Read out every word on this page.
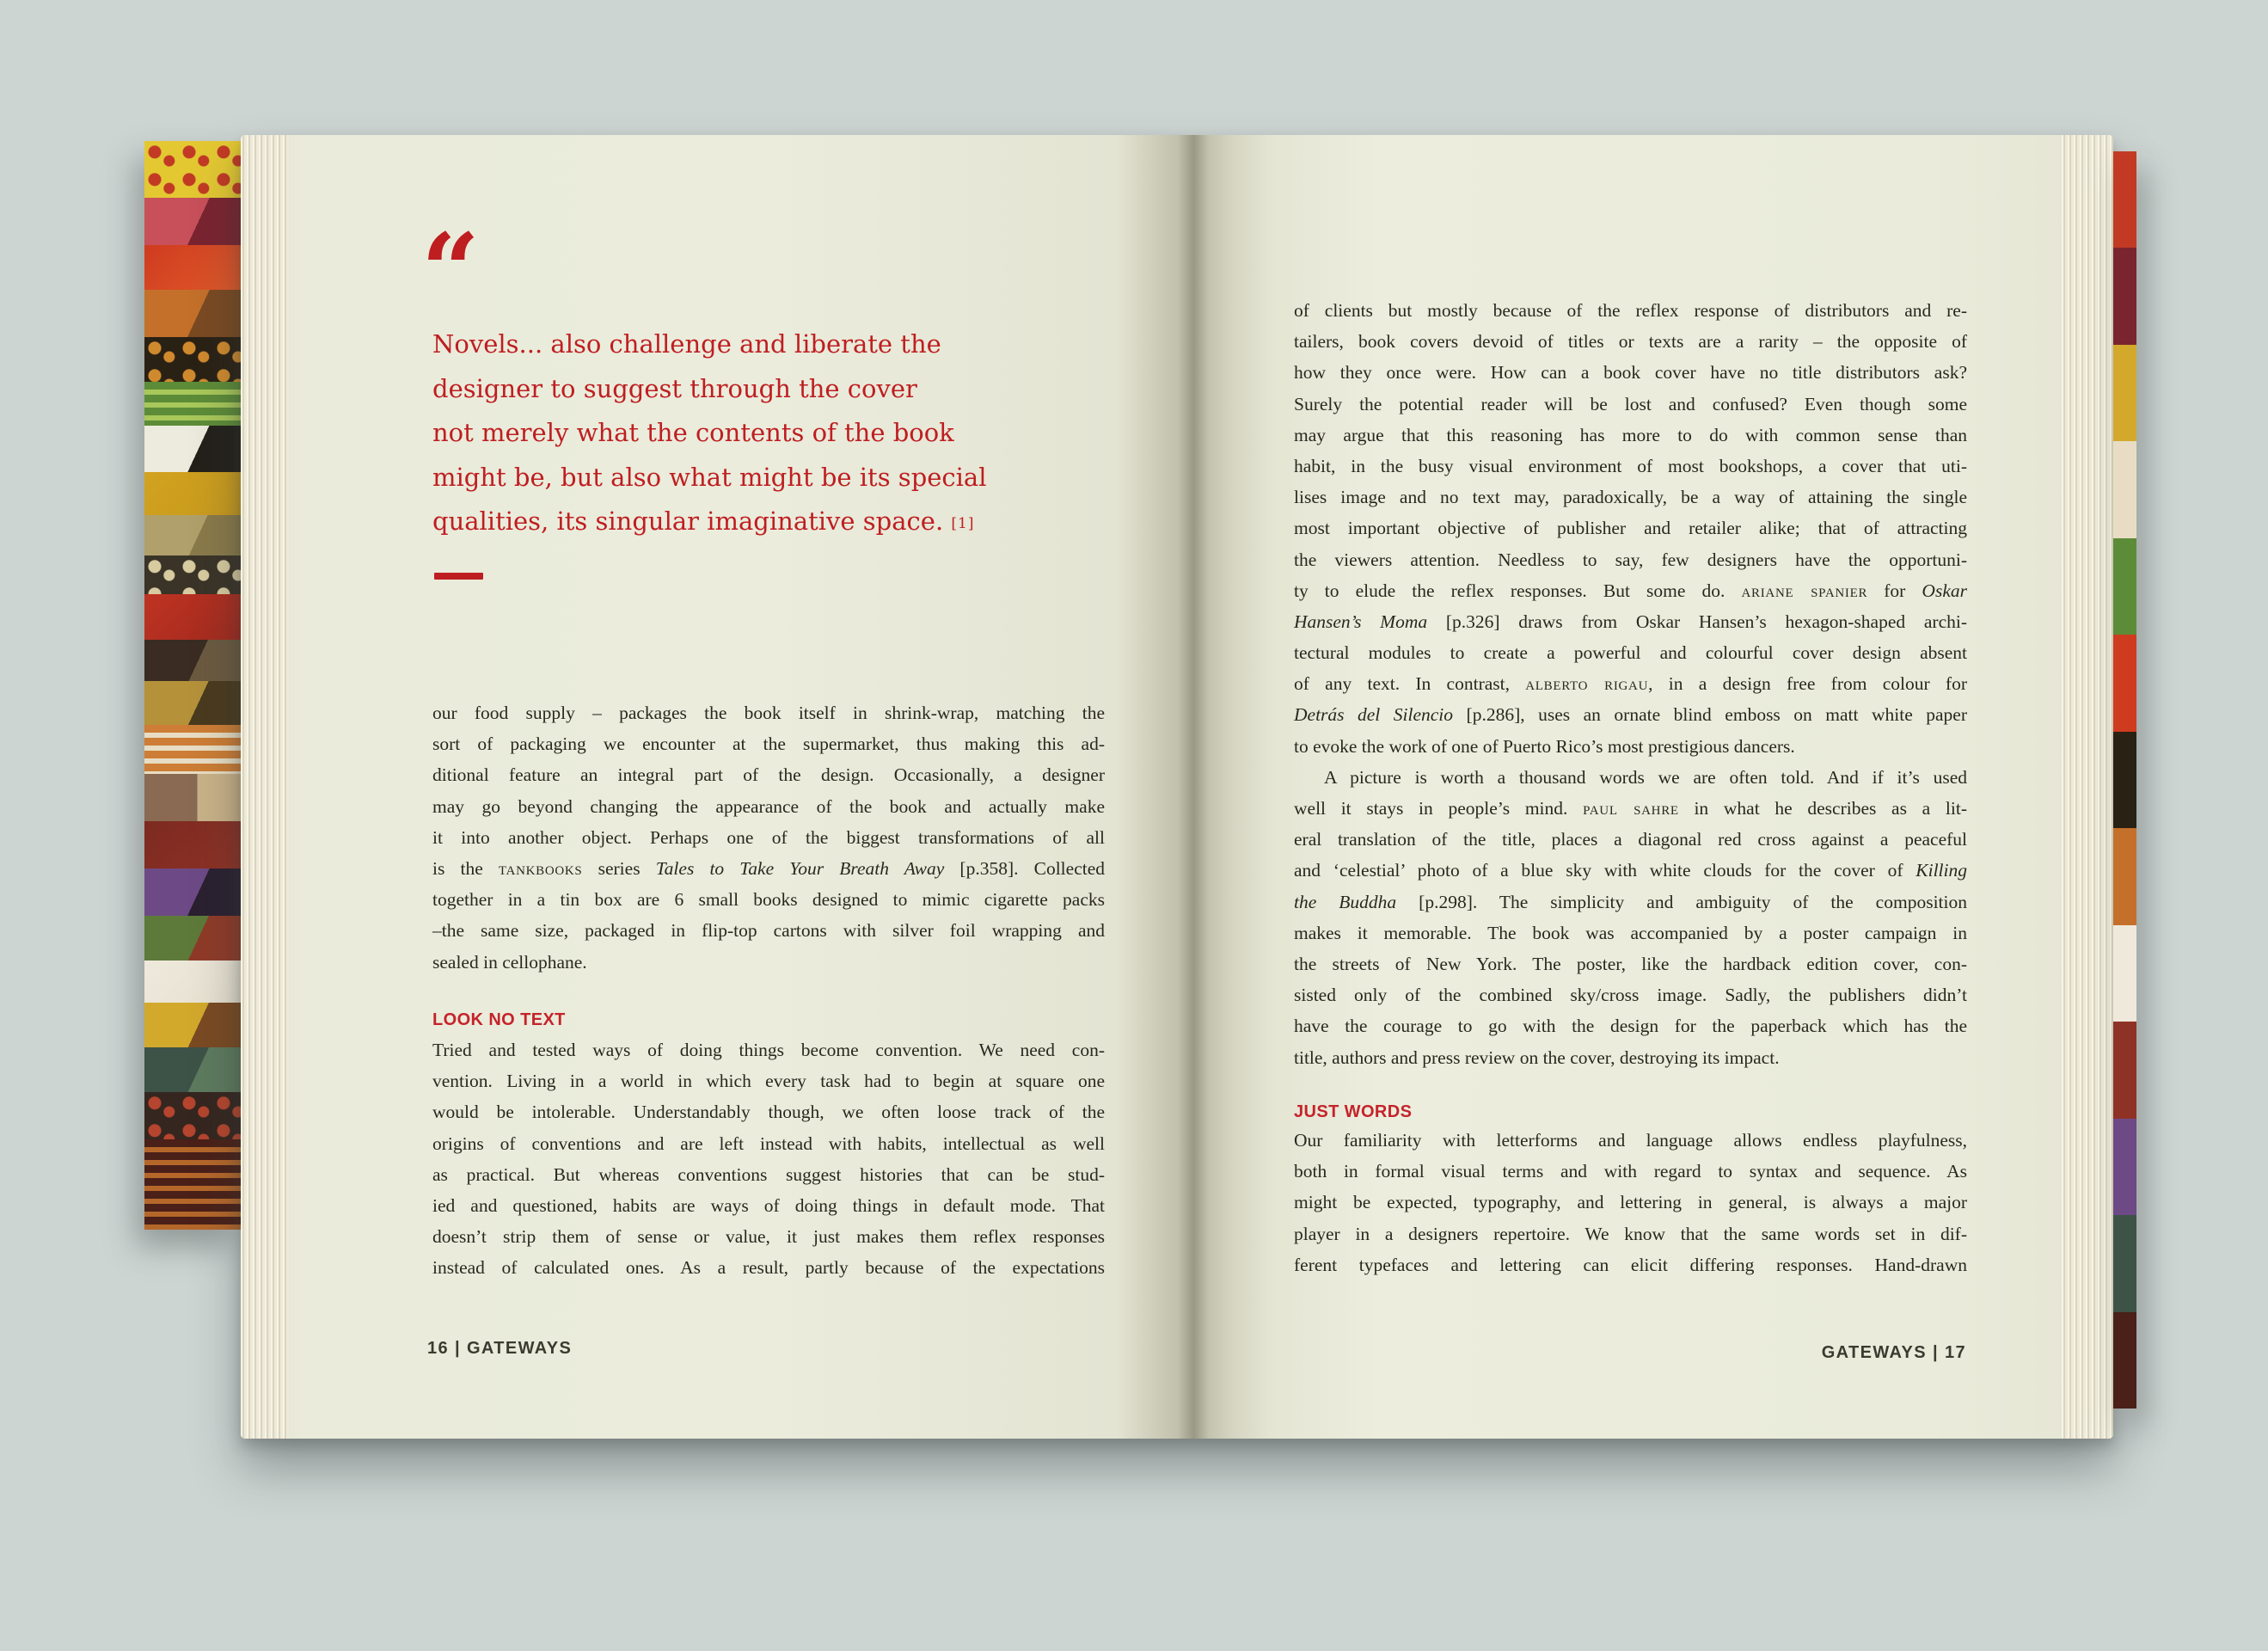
“
Novels... also challenge and liberate the
designer to suggest through the cover
not merely what the contents of the book
might be, but also what might be its special
qualities, its singular imaginative space. [1]
our food supply – packages the book itself in shrink-wrap, matching the
sort of packaging we encounter at the supermarket, thus making this ad-
ditional feature an integral part of the design. Occasionally, a designer
may go beyond changing the appearance of the book and actually make
it into another object. Perhaps one of the biggest transformations of all
is the tankbooks series Tales to Take Your Breath Away [p.358]. Collected
together in a tin box are 6 small books designed to mimic cigarette packs
–the same size, packaged in flip-top cartons with silver foil wrapping and
sealed in cellophane.
LOOK NO TEXT
Tried and tested ways of doing things become convention. We need con-
vention. Living in a world in which every task had to begin at square one
would be intolerable. Understandably though, we often loose track of the
origins of conventions and are left instead with habits, intellectual as well
as practical. But whereas conventions suggest histories that can be stud-
ied and questioned, habits are ways of doing things in default mode. That
doesn’t strip them of sense or value, it just makes them reflex responses
instead of calculated ones. As a result, partly because of the expectations
16 | GATEWAYS
of clients but mostly because of the reflex response of distributors and re-
tailers, book covers devoid of titles or texts are a rarity – the opposite of
how they once were. How can a book cover have no title distributors ask?
Surely the potential reader will be lost and confused? Even though some
may argue that this reasoning has more to do with common sense than
habit, in the busy visual environment of most bookshops, a cover that uti-
lises image and no text may, paradoxically, be a way of attaining the single
most important objective of publisher and retailer alike; that of attracting
the viewers attention. Needless to say, few designers have the opportuni-
ty to elude the reflex responses. But some do. ariane spanier for Oskar
Hansen’s Moma [p.326] draws from Oskar Hansen’s hexagon-shaped archi-
tectural modules to create a powerful and colourful cover design absent
of any text. In contrast, alberto rigau, in a design free from colour for
Detrás del Silencio [p.286], uses an ornate blind emboss on matt white paper
to evoke the work of one of Puerto Rico’s most prestigious dancers.
A picture is worth a thousand words we are often told. And if it’s used
well it stays in people’s mind. paul sahre in what he describes as a lit-
eral translation of the title, places a diagonal red cross against a peaceful
and ‘celestial’ photo of a blue sky with white clouds for the cover of Killing
the Buddha [p.298]. The simplicity and ambiguity of the composition
makes it memorable. The book was accompanied by a poster campaign in
the streets of New York. The poster, like the hardback edition cover, con-
sisted only of the combined sky/cross image. Sadly, the publishers didn’t
have the courage to go with the design for the paperback which has the
title, authors and press review on the cover, destroying its impact.
JUST WORDS
Our familiarity with letterforms and language allows endless playfulness,
both in formal visual terms and with regard to syntax and sequence. As
might be expected, typography, and lettering in general, is always a major
player in a designers repertoire. We know that the same words set in dif-
ferent typefaces and lettering can elicit differing responses. Hand-drawn
GATEWAYS | 17
